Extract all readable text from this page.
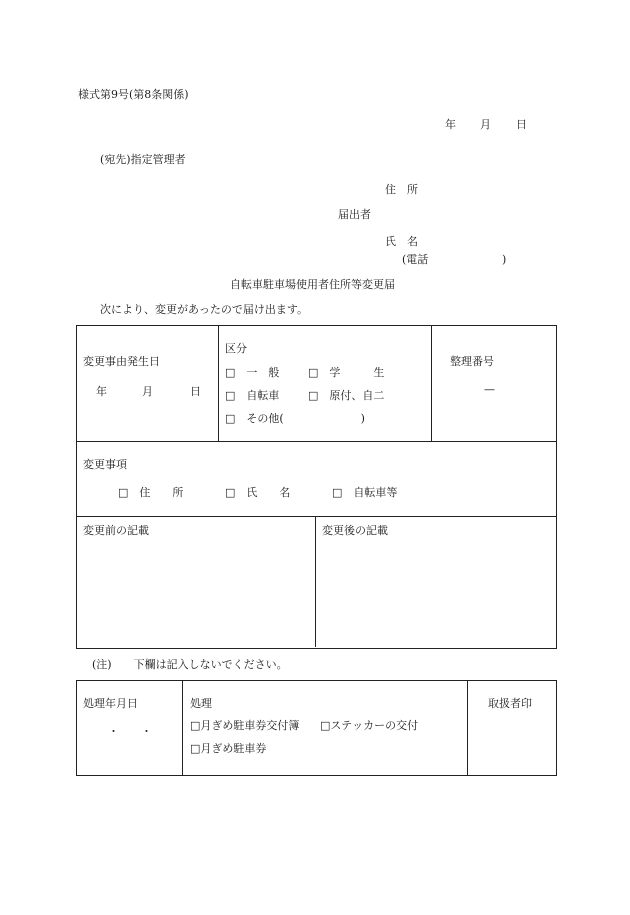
様式第9号(第8条関係)
年 月 日
(宛先)指定管理者
住　所
届出者
氏　名
(電話	)
自転車駐車場使用者住所等変更届
次により、変更があったので届け出ます。
変更事由発生日
年	月	日
区分
□　一　般	□　学　　　生
□　自転車	□　原付、自二
□　その他(　　　　　　　)
整理番号
—
変更事項
□　住　　所	□　氏　　名	□　自転車等
変更前の記載	変更後の記載
(注)　　下欄は記入しないでください。
処理年月日
・　　・
処理
□月ぎめ駐車券交付簿 □ステッカーの交付
□月ぎめ駐車券
取扱者印
